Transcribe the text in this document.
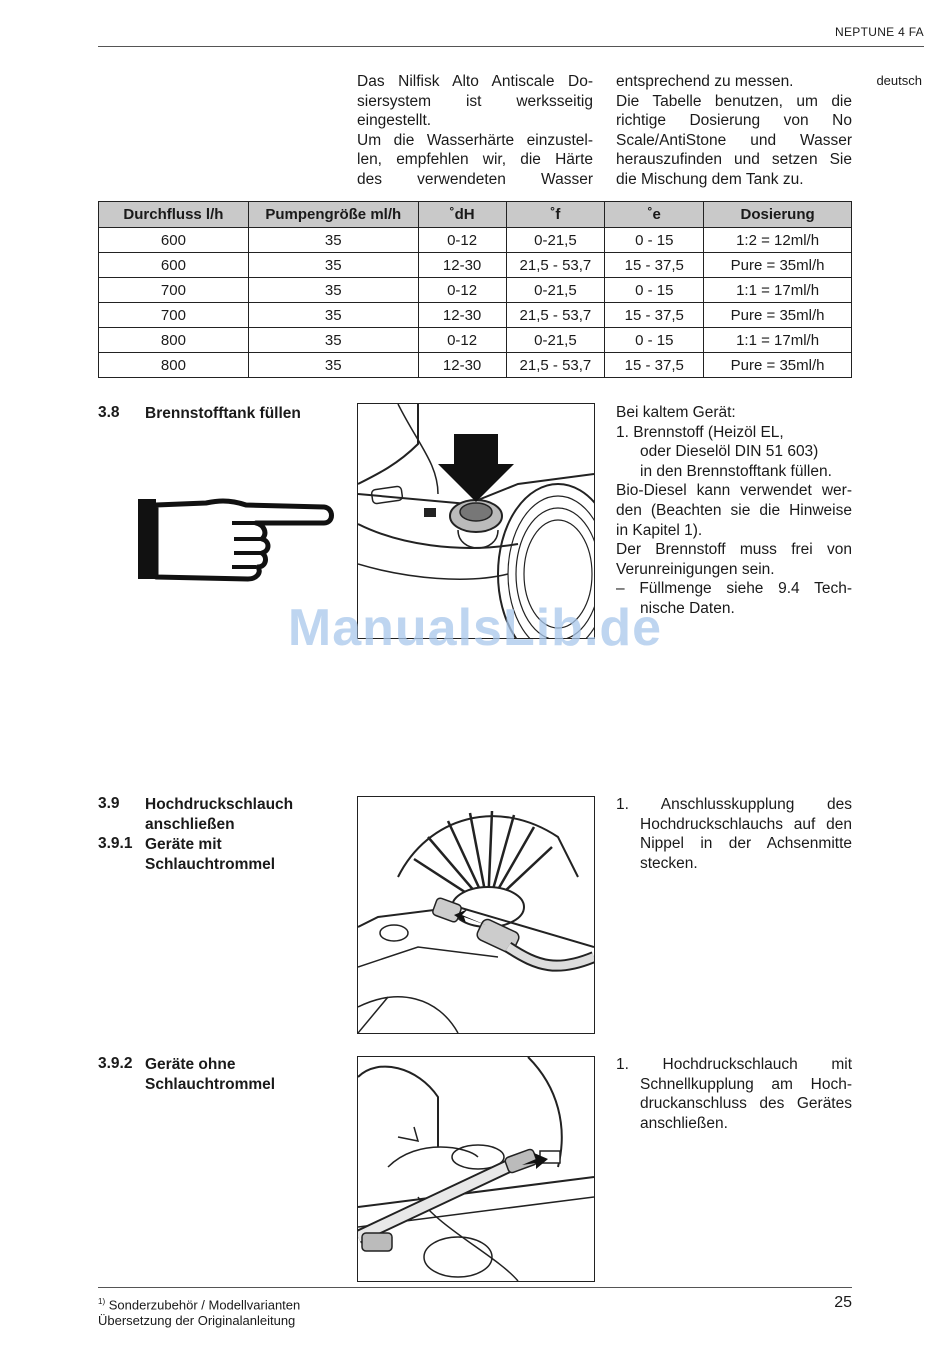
NEPTUNE 4 FA
deutsch
Das Nilfisk Alto Antiscale Do-
siersystem ist werksseitig
eingestellt.
Um die Wasserhärte einzustel-
len, empfehlen wir, die Härte
des verwendeten Wasser
entsprechend zu messen.
Die Tabelle benutzen, um die
richtige Dosierung von No
Scale/AntiStone und Wasser
herauszufinden und setzen Sie
die Mischung dem Tank zu.
Durchfluss l/h	Pumpengröße ml/h	˚dH	˚f	˚e	Dosierung
600	35	0-12	0-21,5	0 - 15	1:2 = 12ml/h
600	35	12-30	21,5 - 53,7	15 - 37,5	Pure = 35ml/h
700	35	0-12	0-21,5	0 - 15	1:1 = 17ml/h
700	35	12-30	21,5 - 53,7	15 - 37,5	Pure = 35ml/h
800	35	0-12	0-21,5	0 - 15	1:1 = 17ml/h
800	35	12-30	21,5 - 53,7	15 - 37,5	Pure = 35ml/h
3.8 Brennstofftank füllen	Bei kaltem Gerät:
1. Brennstoff (Heizöl EL,
oder Dieselöl DIN 51 603)
in den Brennstofftank füllen.
Bio-Diesel kann verwendet wer-
den (Beachten sie die Hinweise
in Kapitel 1).
Der Brennstoff muss frei von
Verunreinigungen sein.
– Füllmenge siehe 9.4 Tech-
nische Daten.
ManualsLib.de
3.9 Hochdruckschlauch
anschließen
3.9.1 Geräte mit
Schlauchtrommel
1. Anschlusskupplung des
Hochdruckschlauchs auf den
Nippel in der Achsenmitte
stecken.
3.9.2 Geräte ohne
Schlauchtrommel
1. Hochdruckschlauch mit
Schnellkupplung am Hoch-
druckanschluss des Gerätes
anschließen.
$^{1)}$ Sonderzubehör / Modellvarianten
Übersetzung der Originalanleitung
25
